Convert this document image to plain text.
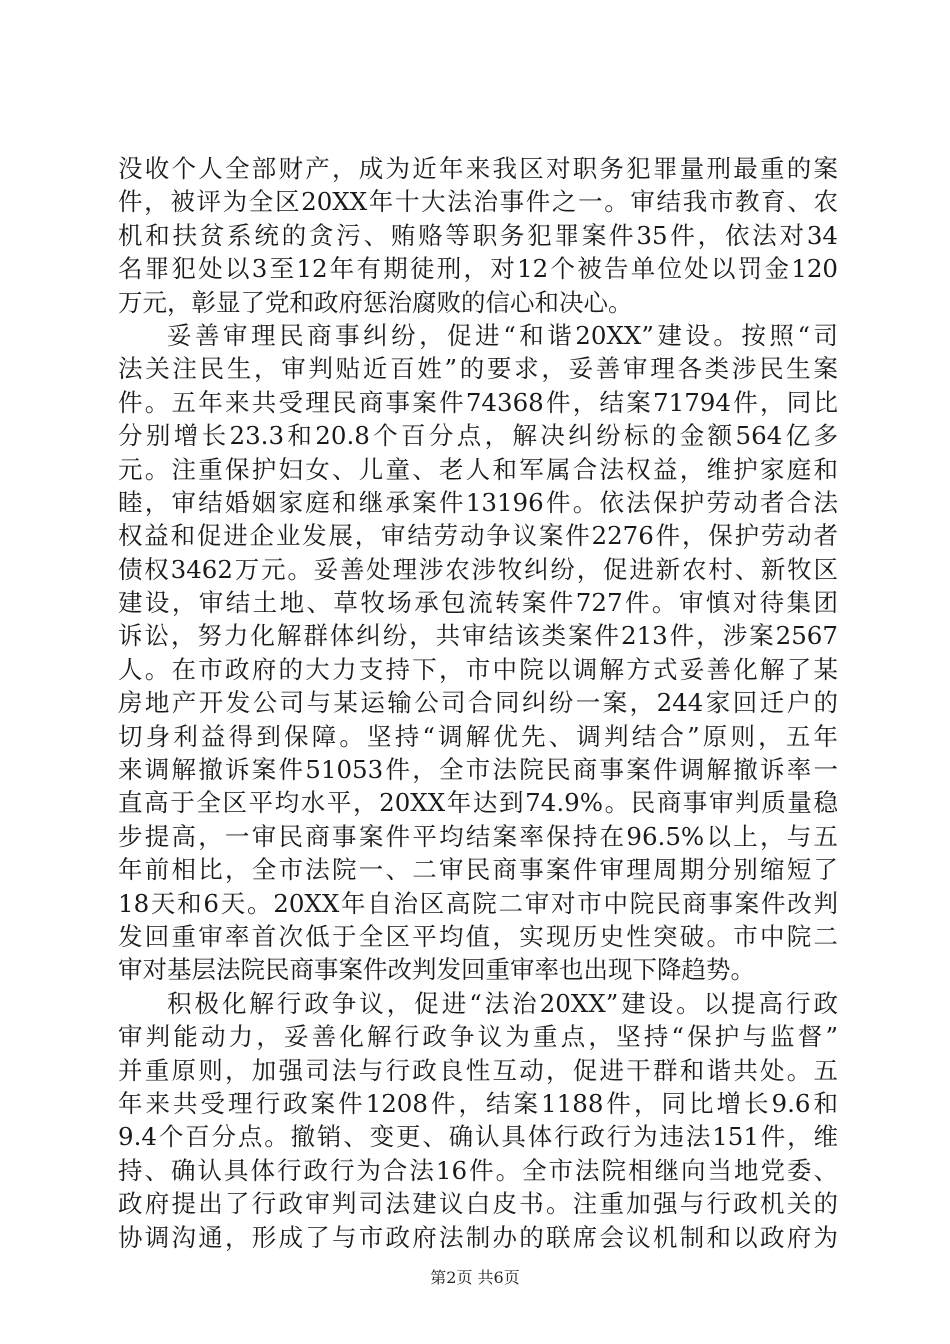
没收个人全部财产，成为近年来我区对职务犯罪量刑最重的案
件，被评为全区20XX年十大法治事件之一。审结我市教育、农
机和扶贫系统的贪污、贿赂等职务犯罪案件35件，依法对34
名罪犯处以3至12年有期徒刑，对12个被告单位处以罚金120
万元，彰显了党和政府惩治腐败的信心和决心。
妥善审理民商事纠纷，促进“和谐20XX”建设。按照“司
法关注民生，审判贴近百姓”的要求，妥善审理各类涉民生案
件。五年来共受理民商事案件74368件，结案71794件，同比
分别增长23.3和20.8个百分点，解决纠纷标的金额564亿多
元。注重保护妇女、儿童、老人和军属合法权益，维护家庭和
睦，审结婚姻家庭和继承案件13196件。依法保护劳动者合法
权益和促进企业发展，审结劳动争议案件2276件，保护劳动者
债权3462万元。妥善处理涉农涉牧纠纷，促进新农村、新牧区
建设，审结土地、草牧场承包流转案件727件。审慎对待集团
诉讼，努力化解群体纠纷，共审结该类案件213件，涉案2567
人。在市政府的大力支持下，市中院以调解方式妥善化解了某
房地产开发公司与某运输公司合同纠纷一案，244家回迁户的
切身利益得到保障。坚持“调解优先、调判结合”原则，五年
来调解撤诉案件51053件，全市法院民商事案件调解撤诉率一
直高于全区平均水平，20XX年达到74.9%。民商事审判质量稳
步提高，一审民商事案件平均结案率保持在96.5%以上，与五
年前相比，全市法院一、二审民商事案件审理周期分别缩短了
18天和6天。20XX年自治区高院二审对市中院民商事案件改判
发回重审率首次低于全区平均值，实现历史性突破。市中院二
审对基层法院民商事案件改判发回重审率也出现下降趋势。
积极化解行政争议，促进“法治20XX”建设。以提高行政
审判能动力，妥善化解行政争议为重点，坚持“保护与监督”
并重原则，加强司法与行政良性互动，促进干群和谐共处。五
年来共受理行政案件1208件，结案1188件，同比增长9.6和
9.4个百分点。撤销、变更、确认具体行政行为违法151件，维
持、确认具体行政行为合法16件。全市法院相继向当地党委、
政府提出了行政审判司法建议白皮书。注重加强与行政机关的
协调沟通，形成了与市政府法制办的联席会议机制和以政府为
第2页 共6页
